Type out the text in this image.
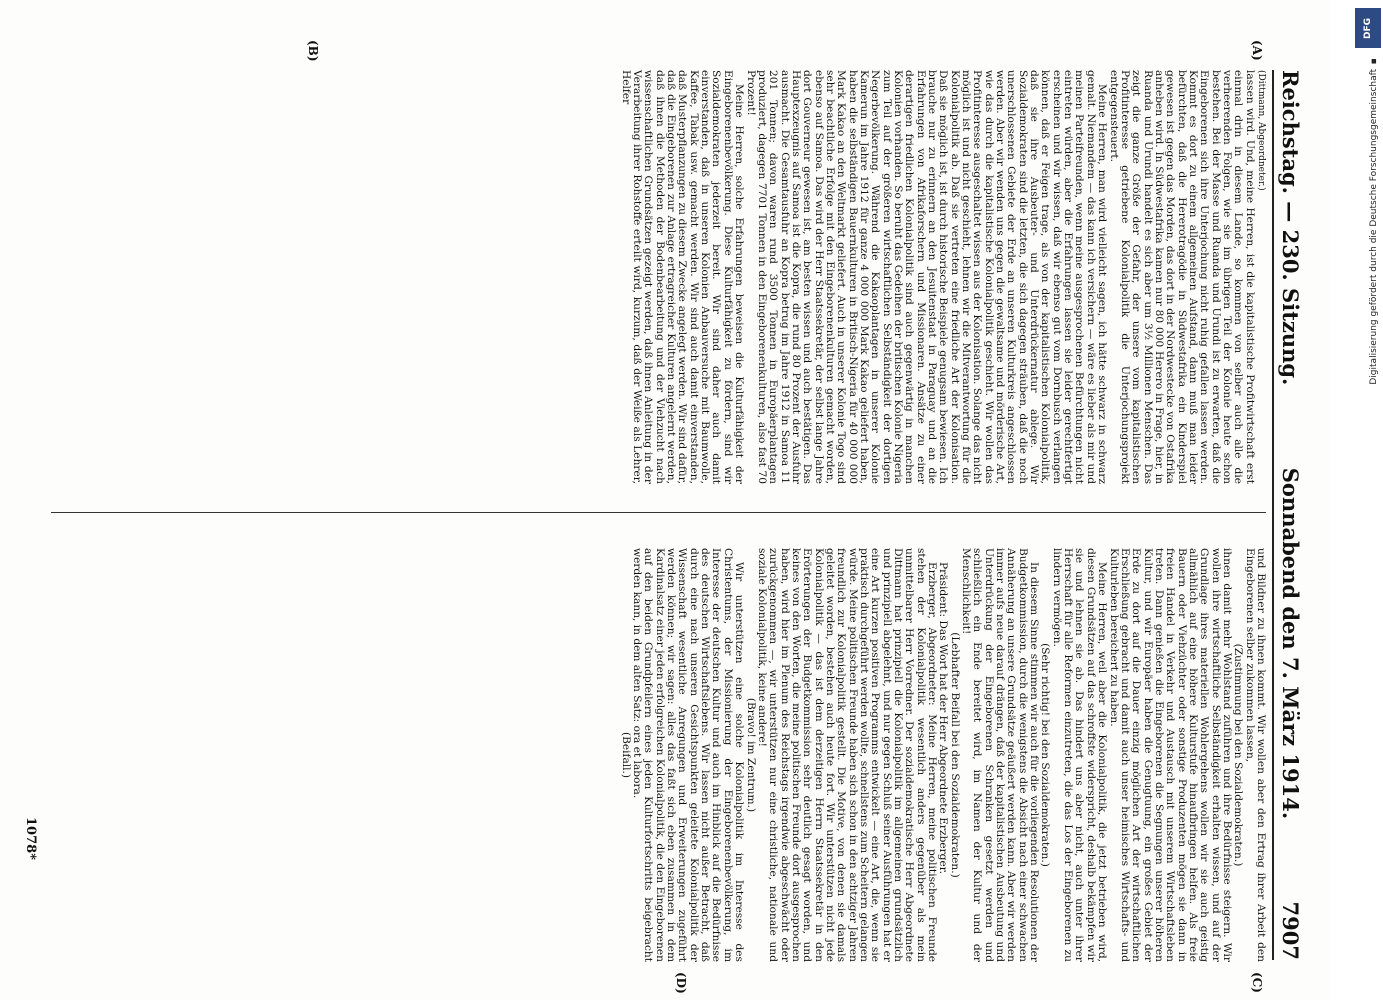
Reichstag. — 230. Sitzung.
Sonnabend den 7. März 1914.
7907
(A)
(B)
(C)
(D)

(Dittmann, Abgeordneter.)

lassen wird. Und, meine Herren, ist die kapitalistische Profitwirtschaft erst einmal drin in diesem Lande, so kommen von selber auch alle die verheerenden Folgen, wie sie im übrigen Teil der Kolonie heute schon bestehen. Bei der Masse und Ruanda und Urundi ist zu erwarten, daß die Eingeborenen sich ihre Unterjochung nicht ruhig gefallen lassen werden. Kommt es dort zu einem allgemeinen Aufstand, dann muß man leider befürchten, daß die Hererotragödie in Südwestafrika ein Kinderspiel gewesen ist gegen das Morden, das dort in der Nordwestecke von Ostafrika anheben wird. In Südwestafrika kamen nur 80 000 Herero in Frage, hier, in Ruanda und Urundi handelt es sich aber um 3½ Millionen Menschen. Das zeigt die ganze Größe der Gefahr, der unsere vom kapitalistischen Profitinteresse getriebene Kolonialpolitik die Unterjochungsprojekt entgegensteuert.

Meine Herren, man wird vielleicht sagen, ich hätte schwarz in schwarz gemalt. Niemandem — das kann ich versichern — wäre es lieber als mir und meinen Parteifreunden, wenn meine ausgesprochenen Befürchtungen nicht eintreten würden, aber die Erfahrungen lassen sie leider gerechtfertigt erscheinen und wir wissen, daß wir ebenso gut vom Dornbusch verlangen können, daß er Feigen trage, als von der kapitalistischen Kolonialpolitik, daß sie ihre Ausbeuter- und Unterdrückernatur ablege. Wir Sozialdemokraten sind die letzten, die sich dagegen sträuben, daß die noch unerschlossenen Gebiete der Erde an unseren Kulturkreis angeschlossen werden. Aber wir wenden uns gegen die gewaltsame und mörderische Art, wie das durch die kapitalistische Kolonialpolitik geschieht. Wir wollen das Profitinteresse ausgeschaltet wissen aus der Kolonisation. Solange das nicht möglich ist und nicht geschieht, lehnen wir die Mitverantwortung für die Kolonialpolitik ab. Daß sie vertreten eine friedliche Art der Kolonisation. Daß sie möglich ist, ist durch historische Beispiele genugsam bewiesen. Ich brauche nur zu erinnern an den Jesuitenstaat in Paraguay und an die Erfahrungen von Afrikaforschern und Missionaren. Ansätze zu einer derartigen friedlichen Kolonialpolitik sind auch gegenwärtig in manchen Kolonien vorhanden. So beruht das Gedeihen der britischen Kolonie Nigeria zum Teil auf der größeren wirtschaftlichen Selbständigkeit der dortigen Negerbevölkerung. Während die Kakaoplantagen in unserer Kolonie Kamerun im Jahre 1912 für ganze 4 000 000 Mark Kakao geliefert haben, haben die selbständigen Bauernkulturen in Britisch-Nigeria für 40 000 000 Mark Kakao an den Weltmarkt geliefert. Auch in unserer Kolonie Togo sind sehr beachtliche Erfolge mit den Eingeborenenkulturen gemacht worden, ebenso auf Samoa. Das wird der Herr Staatssekretär, der selbst lange Jahre dort Gouverneur gewesen ist, am besten wissen und auch bestätigen. Das Hauptexzeugnis auf Samoa ist die Kopra, die rund 80 Prozent der Ausfuhr ausmacht. Die Gesamtausfuhr an Kopra betrug im Jahre 1912 in Samoa 11 201 Tonnen; davon waren rund 3500 Tonnen in Europäerplantagen produziert, dagegen 7701 Tonnen in den Eingeborenenkulturen, also fast 70 Prozent!

Meine Herren, solche Erfahrungen beweisen die Kulturfähigkeit der Eingeborenenbevölkerung. Diese Kulturfähigkeit zu fördern, sind wir Sozialdemokraten jederzeit bereit. Wir sind daher auch damit einverstanden, daß in unseren Kolonien Anbauversuche mit Baumwolle, Kaffee, Tabak usw. gemacht werden. Wir sind auch damit einverstanden, daß Musterpflanzungen zu diesem Zwecke angelegt werden. Wir sind dafür, daß die Eingeborenen zur Anlage ertragreicher Kulturen angelernt werden, daß ihnen die Methoden der Bodenbearbeitung und der Viehzucht nach wissenschaftlichen Grundsätzen gezeigt werden, daß ihnen Anleitung in der Verarbeitung ihrer Rohstoffe erteilt wird, kurzum, daß der Weiße als Lehrer, Helfer

und Bildner zu ihnen kommt. Wir wollen aber den Ertrag ihrer Arbeit den Eingeborenen selber zukommen lassen,

(Zustimmung bei den Sozialdemokraten.)

ihnen damit mehr Wohlstand zuführen und ihre Bedürfnisse steigern. Wir wollen ihre wirtschaftliche Selbständigkeit erhalten wissen, und auf der Grundlage ihres materiellen Wohlergehens wollen wir sie auch geistig allmählich auf eine höhere Kulturstufe hinaufbringen helfen. Als freie Bauern oder Viehzüchter oder sonstige Produzenten mögen sie dann in freien Handel in Verkehr und Austausch mit unserem Wirtschaftsleben treten. Dann genießen die Eingeborenen die Segnungen unserer höheren Kultur, und wir Europäer haben die Genugtuung, ein großes Gebiet der Erde zu dort auf die Dauer einzig möglichen Art der wirtschaftlichen Erschließung gebracht und damit auch unser heimisches Wirtschafts- und Kulturleben bereichert zu haben.

Meine Herren, weil aber die Kolonialpolitik, die jetzt betrieben wird, diesen Grundsätzen auf das schroffste widerspricht, deshalb bekämpfen wir sie und lehnen sie ab. Das hindert uns aber nicht, auch unter ihrer Herrschaft für alle Reformen einzutreten, die das Los der Eingeborenen zu lindern vermögen.

(Sehr richtig! bei den Sozialdemokraten.)

In diesem Sinne stimmen wir auch für die vorliegenden Resolutionen der Budgetkommission, durch die wenigstens die Absicht nach einer schwachen Annäherung an unsere Grundsätze geäußert werden kann. Aber wir werden immer aufs neue darauf drängen, daß der kapitalistischen Ausbeutung und Unterdrückung der Eingeborenen Schranken gesetzt werden und schließlich ein Ende bereitet wird, im Namen der Kultur und der Menschlichkeit!

(Lebhafter Beifall bei den Sozialdemokraten.)

Präsident: Das Wort hat der Herr Abgeordnete Erzberger.

Erzberger, Abgeordneter: Meine Herren, meine politischen Freunde stehen der Kolonialpolitik wesentlich anders gegenüber als mein unmittelbarer Herr Vorredner. Der sozialdemokratische Herr Abgeordnete Dittmann hat prinzipiell die Kolonialpolitik im allgemeinen grundsätzlich und prinzipiell abgelehnt, und nur gegen Schluß seiner Ausführungen hat er eine Art kurzen positiven Programms entwickelt — eine Art, die, wenn sie praktisch durchgeführt werden wollte, schnellstens zum Scheitern gelangen würde. Meine politischen Freunde haben sich schon in den achtziger Jahren freundlich zur Kolonialpolitik gestellt. Die Motive, von denen sie damals geleitet worden, bestehen auch heute fort. Wir unterstützen nicht jede Kolonialpolitik — das ist dem derzeitigen Herrn Staatssekretär in den Erörterungen der Budgetkommission sehr deutlich gesagt worden, und keines von den Worten, die meine politischen Freunde dort ausgesprochen haben, wird hier im Plenum des Reichstags irgendwie abgeschwächt oder zurückgenommen —, wir unterstützen nur eine christliche, nationale und soziale Kolonialpolitik, keine andere!

(Bravo! im Zentrum.)

Wir unterstützen eine solche Kolonialpolitik im Interesse des Christentums, der Missionierung der Eingeborenenbevölkerung, im Interesse der deutschen Kultur und auch im Hinblick auf die Bedürfnisse des deutschen Wirtschaftslebens. Wir lassen nicht außer Betracht, daß durch eine nach unseren Gesichtspunkten geleitete Kolonialpolitik der Wissenschaft wesentliche Anregungen und Erweiterungen zugeführt werden können; wir sagen: alles das faßt sich eben zusammen in dem Kardinalsatz einer jeden erfolgreichen Kolonialpolitik, die den Eingeborenen auf den beiden Grundpfeilern eines jeden Kulturfortschritts beigebracht werden kann, in dem alten Satz: ora et labora.

(Beifall.)

1078*
DFG
Digitalisierung gefördert durch die Deutsche Forschungsgemeinschaft ▪
